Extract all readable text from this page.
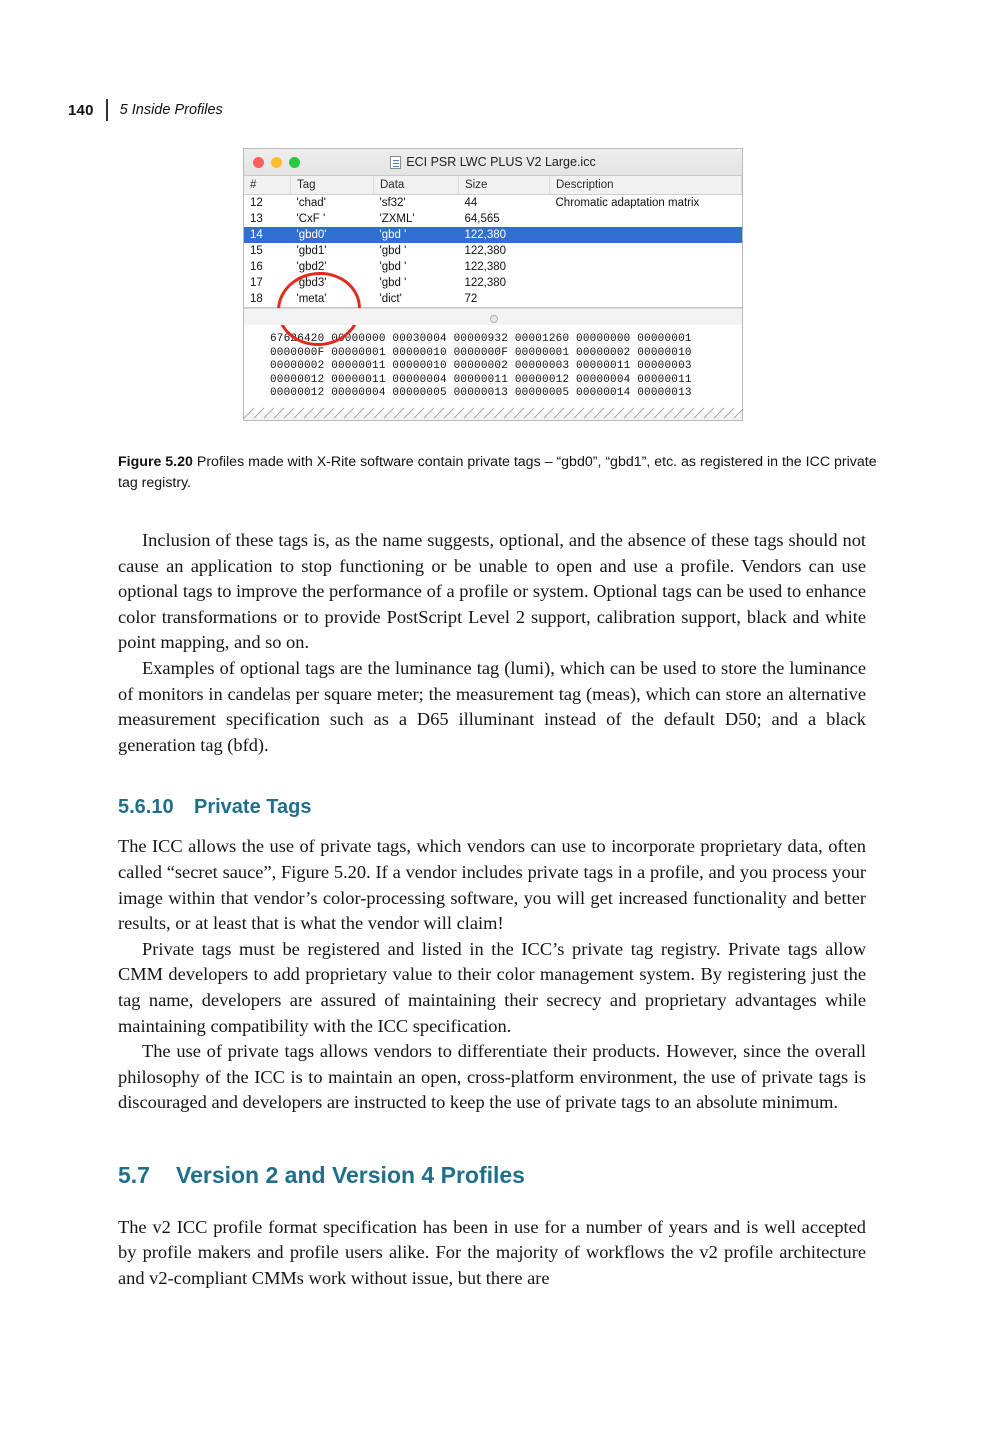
140 5 Inside Profiles
ECI PSR LWC PLUS V2 Large.icc
#	Tag	Data	Size	Description
12	'chad'	'sf32'	44	Chromatic adaptation matrix
13	'CxF '	'ZXML'	64,565	
14	'gbd0'	'gbd '	122,380	
15	'gbd1'	'gbd '	122,380	
16	'gbd2'	'gbd '	122,380	
17	'gbd3'	'gbd '	122,380	
18	'meta'	'dict'	72	
67626420 00000000 00030004 00000932 00001260 00000000 00000001
0000000F 00000001 00000010 0000000F 00000001 00000002 00000010
00000002 00000011 00000010 00000002 00000003 00000011 00000003
00000012 00000011 00000004 00000011 00000012 00000004 00000011
00000012 00000004 00000005 00000013 00000005 00000014 00000013
Figure 5.20 Profiles made with X-Rite software contain private tags – “gbd0”, “gbd1”, etc. as registered in the ICC private tag registry.

Inclusion of these tags is, as the name suggests, optional, and the absence of these tags should not cause an application to stop functioning or be unable to open and use a profile. Vendors can use optional tags to improve the performance of a profile or system. Optional tags can be used to enhance color transformations or to provide PostScript Level 2 support, calibration support, black and white point mapping, and so on.

Examples of optional tags are the luminance tag (lumi), which can be used to store the luminance of monitors in candelas per square meter; the measurement tag (meas), which can store an alternative measurement specification such as a D65 illuminant instead of the default D50; and a black generation tag (bfd).

5.6.10 Private Tags

The ICC allows the use of private tags, which vendors can use to incorporate proprietary data, often called “secret sauce”, Figure 5.20. If a vendor includes private tags in a profile, and you process your image within that vendor’s color-processing software, you will get increased functionality and better results, or at least that is what the vendor will claim!

Private tags must be registered and listed in the ICC’s private tag registry. Private tags allow CMM developers to add proprietary value to their color management system. By registering just the tag name, developers are assured of maintaining their secrecy and proprietary advantages while maintaining compatibility with the ICC specification.

The use of private tags allows vendors to differentiate their products. However, since the overall philosophy of the ICC is to maintain an open, cross-platform environment, the use of private tags is discouraged and developers are instructed to keep the use of private tags to an absolute minimum.

5.7	Version 2 and Version 4 Profiles

The v2 ICC profile format specification has been in use for a number of years and is well accepted by profile makers and profile users alike. For the majority of workflows the v2 profile architecture and v2-compliant CMMs work without issue, but there are
